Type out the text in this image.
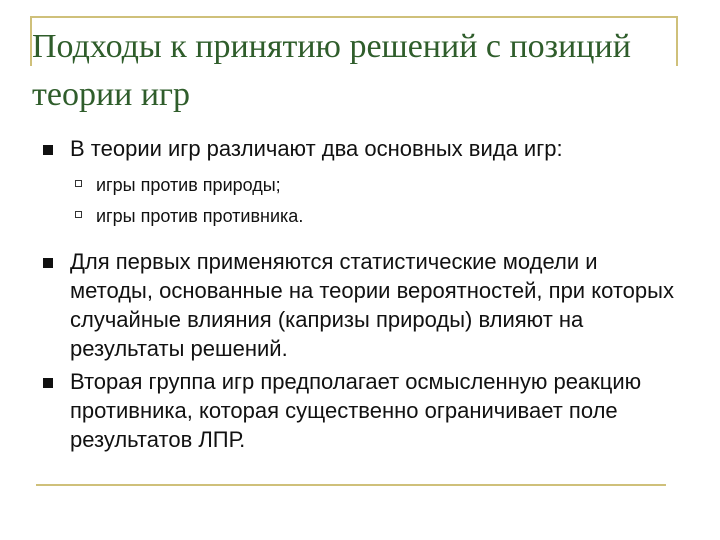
Подходы к принятию решений с позиций теории игр
В теории игр различают два основных вида игр:
игры против природы;
игры против противника.
Для первых применяются статистические модели и методы, основанные на теории вероятностей, при которых случайные влияния (капризы природы) влияют на результаты решений.
Вторая группа игр предполагает осмысленную реакцию противника, которая существенно ограничивает поле результатов ЛПР.
